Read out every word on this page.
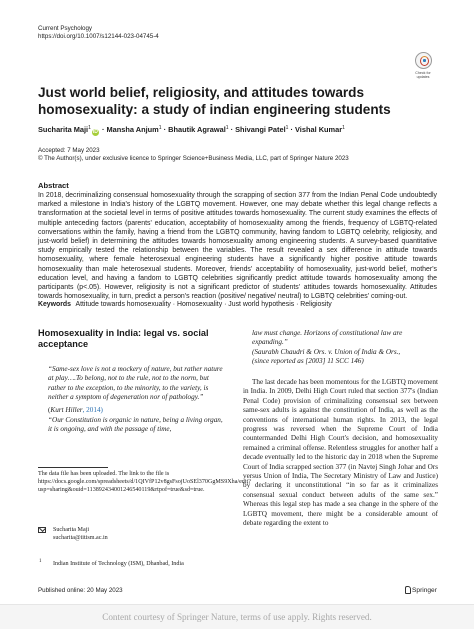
Current Psychology
https://doi.org/10.1007/s12144-023-04745-4
Check for
updates
Just world belief, religiosity, and attitudes towards homosexuality: a study of indian engineering students
Sucharita Maji$^1$iD · Mansha Anjum$^1$ · Bhautik Agrawal$^1$ · Shivangi Patel$^1$ · Vishal Kumar$^1$
Accepted: 7 May 2023
© The Author(s), under exclusive licence to Springer Science+Business Media, LLC, part of Springer Nature 2023
Abstract
In 2018, decriminalizing consensual homosexuality through the scrapping of section 377 from the Indian Penal Code undoubtedly marked a milestone in India's history of the LGBTQ movement. However, one may debate whether this legal change reflects a transformation at the societal level in terms of positive attitudes towards homosexuality. The current study examines the effects of multiple anteceding factors (parents' education, acceptability of homosexuality among the friends, frequency of LGBTQ-related conversations within the family, having a friend from the LGBTQ community, having fandom to LGBTQ celebrity, religiosity, and just-world belief) in determining the attitudes towards homosexuality among engineering students. A survey-based quantitative study empirically tested the relationship between the variables. The result revealed a sex difference in attitude towards homosexuality, where female heterosexual engineering students have a significantly higher positive attitude towards homosexuality than male heterosexual students. Moreover, friends' acceptability of homosexuality, just-world belief, mother's education level, and having a fandom to LGBTQ celebrities significantly predict attitude towards homosexuality among the participants (p<.05). However, religiosity is not a significant predictor of students' attitudes towards homosexuality. Attitudes towards homosexuality, in turn, predict a person's reaction (positive/ negative/ neutral) to LGBTQ celebrities' coming-out.
Keywords Attitude towards homosexuality · Homosexuality · Just world hypothesis · Religiosity
Homosexuality in India: legal vs. social acceptance
“Same-sex love is not a mockery of nature, but rather nature at play….To belong, not to the rule, not to the norm, but rather to the exception, to the minority, to the variety, is neither a symptom of degeneration nor of pathology.”
(Kurt Hiller, 2014)
“Our Constitution is organic in nature, being a living organ, it is ongoing, and with the passage of time,
The data file has been uploaded. The link to the file is https://docs.google.com/spreadsheets/d/1QIVfP12v8gsFsojUoSEl370GgMS9Xha/edit?usp=sharing&ouid=113892434001246540119&rtpof=true&sd=true.
Sucharita Maji
sucharita@iitism.ac.in
1 Indian Institute of Technology (ISM), Dhanbad, India
law must change. Horizons of constitutional law are expanding.”
(Saurabh Chaudri & Ors. v. Union of India & Ors.,
(since reported as [2003] 11 SCC 146)
The last decade has been momentous for the LGBTQ movement in India. In 2009, Delhi High Court ruled that section 377's (Indian Penal Code) provision of criminalizing consensual sex between same-sex adults is against the constitution of India, as well as the conventions of international human rights. In 2013, the legal progress was reversed when the Supreme Court of India countermanded Delhi High Court's decision, and homosexuality remained a criminal offense. Relentless struggles for another half a decade eventually led to the historic day in 2018 when the Supreme Court of India scrapped section 377 (in Navtej Singh Johar and Ors versus Union of India, The Secretary Ministry of Law and Justice) by declaring it unconstitutional “in so far as it criminalizes consensual sexual conduct between adults of the same sex.” Whereas this legal step has made a sea change in the sphere of the LGBTQ movement, there might be a considerable amount of debate regarding the extent to
Published online: 20 May 2023	Springer
Content courtesy of Springer Nature, terms of use apply. Rights reserved.
